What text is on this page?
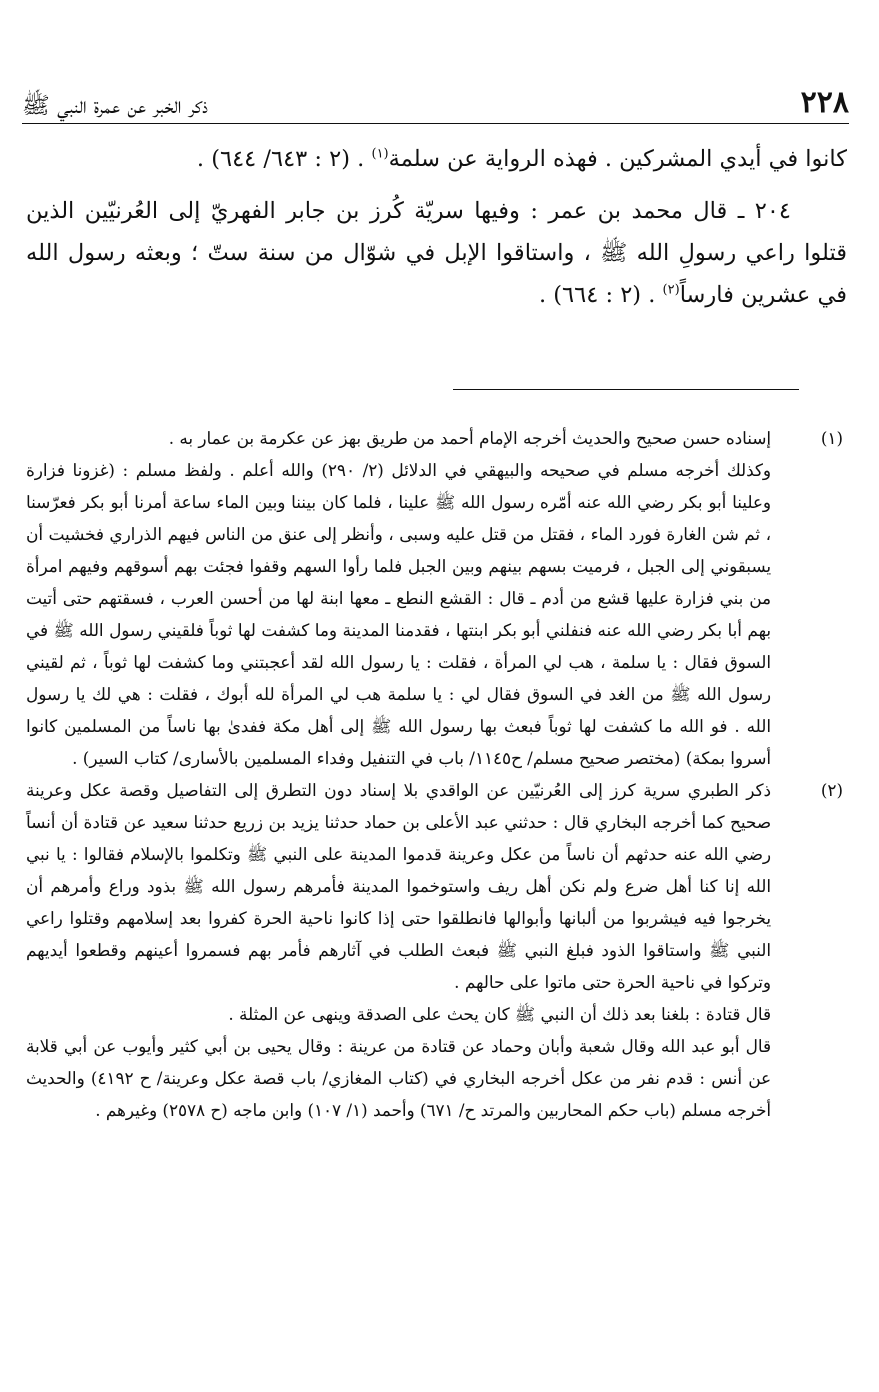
٢٢٨
ذكر الخبر عن عمرة النبي ﷺ

كانوا في أيدي المشركين . فهذه الرواية عن سلمة$^{(١)}$ . (٢ : ٦٤٣/ ٦٤٤) .

٢٠٤ ـ قال محمد بن عمر : وفيها سريّة كُرز بن جابر الفهريّ إلى العُرنيّين الذين قتلوا راعي رسولِ الله ﷺ ، واستاقوا الإبل في شوّال من سنة ستّ ؛ وبعثه رسول الله في عشرين فارساً$^{(٢)}$ . (٢ : ٦٦٤) .

(١)

إسناده حسن صحيح والحديث أخرجه الإمام أحمد من طريق بهز عن عكرمة بن عمار به .

وكذلك أخرجه مسلم في صحيحه والبيهقي في الدلائل (٢/ ٢٩٠) والله أعلم . ولفظ مسلم : (غزونا فزارة وعلينا أبو بكر رضي الله عنه أمّره رسول الله ﷺ علينا ، فلما كان بيننا وبين الماء ساعة أمرنا أبو بكر فعرّسنا ، ثم شن الغارة فورد الماء ، فقتل من قتل عليه وسبى ، وأنظر إلى عنق من الناس فيهم الذراري فخشيت أن يسبقوني إلى الجبل ، فرميت بسهم بينهم وبين الجبل فلما رأوا السهم وقفوا فجئت بهم أسوقهم وفيهم امرأة من بني فزارة عليها قشع من أدم ـ قال : القشع النطع ـ معها ابنة لها من أحسن العرب ، فسقتهم حتى أتيت بهم أبا بكر رضي الله عنه فنفلني أبو بكر ابنتها ، فقدمنا المدينة وما كشفت لها ثوباً فلقيني رسول الله ﷺ في السوق فقال : يا سلمة ، هب لي المرأة ، فقلت : يا رسول الله لقد أعجبتني وما كشفت لها ثوباً ، ثم لقيني رسول الله ﷺ من الغد في السوق فقال لي : يا سلمة هب لي المرأة لله أبوك ، فقلت : هي لك يا رسول الله . فو الله ما كشفت لها ثوباً فبعث بها رسول الله ﷺ إلى أهل مكة ففدىٰ بها ناساً من المسلمين كانوا أسروا بمكة) (مختصر صحيح مسلم/ ح١١٤٥/ باب في التنفيل وفداء المسلمين بالأسارى/ كتاب السير) .

(٢)

ذكر الطبري سرية كرز إلى العُرنيّين عن الواقدي بلا إسناد دون التطرق إلى التفاصيل وقصة عكل وعرينة صحيح كما أخرجه البخاري قال : حدثني عبد الأعلى بن حماد حدثنا يزيد بن زريع حدثنا سعيد عن قتادة أن أنساً رضي الله عنه حدثهم أن ناساً من عكل وعرينة قدموا المدينة على النبي ﷺ وتكلموا بالإسلام فقالوا : يا نبي الله إنا كنا أهل ضرع ولم نكن أهل ريف واستوخموا المدينة فأمرهم رسول الله ﷺ بذود وراع وأمرهم أن يخرجوا فيه فيشربوا من ألبانها وأبوالها فانطلقوا حتى إذا كانوا ناحية الحرة كفروا بعد إسلامهم وقتلوا راعي النبي ﷺ واستاقوا الذود فبلغ النبي ﷺ فبعث الطلب في آثارهم فأمر بهم فسمروا أعينهم وقطعوا أيديهم وتركوا في ناحية الحرة حتى ماتوا على حالهم .

قال قتادة : بلغنا بعد ذلك أن النبي ﷺ كان يحث على الصدقة وينهى عن المثلة .

قال أبو عبد الله وقال شعبة وأبان وحماد عن قتادة من عرينة : وقال يحيى بن أبي كثير وأيوب عن أبي قلابة عن أنس : قدم نفر من عكل أخرجه البخاري في (كتاب المغازي/ باب قصة عكل وعرينة/ ح ٤١٩٢) والحديث أخرجه مسلم (باب حكم المحاربين والمرتد ح/ ٦٧١) وأحمد (١/ ١٠٧) وابن ماجه (ح ٢٥٧٨) وغيرهم .
